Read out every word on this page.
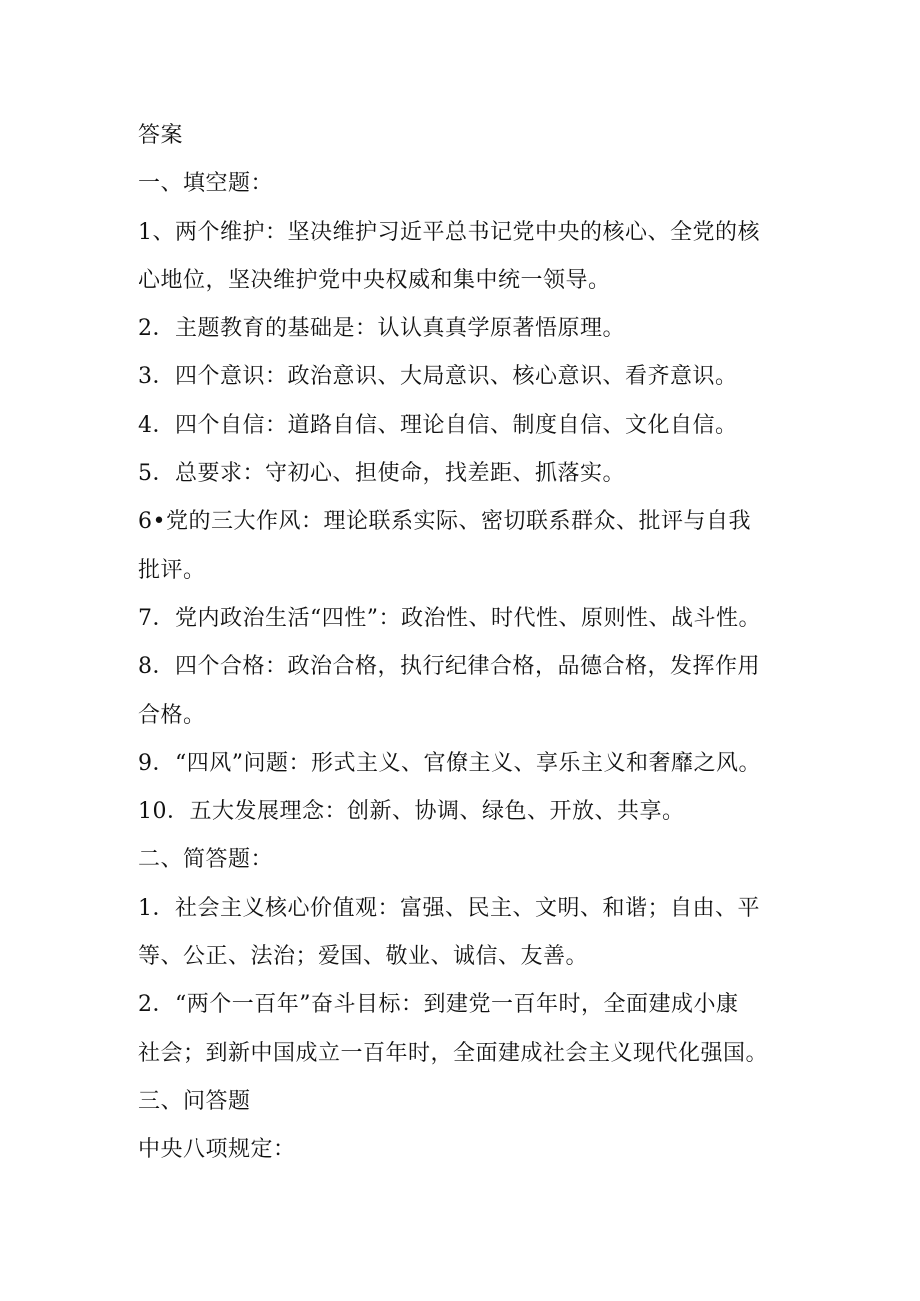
答案
一、填空题：
1、两个维护：坚决维护习近平总书记党中央的核心、全党的核
心地位，坚决维护党中央权威和集中统一领导。
2．主题教育的基础是：认认真真学原著悟原理。
3．四个意识：政治意识、大局意识、核心意识、看齐意识。
4．四个自信：道路自信、理论自信、制度自信、文化自信。
5．总要求：守初心、担使命，找差距、抓落实。
6•党的三大作风：理论联系实际、密切联系群众、批评与自我
批评。
7．党内政治生活“四性”：政治性、时代性、原则性、战斗性。
8．四个合格：政治合格，执行纪律合格，品德合格，发挥作用
合格。
9．“四风”问题：形式主义、官僚主义、享乐主义和奢靡之风。
10．五大发展理念：创新、协调、绿色、开放、共享。
二、简答题：
1．社会主义核心价值观：富强、民主、文明、和谐；自由、平
等、公正、法治；爱国、敬业、诚信、友善。
2．“两个一百年”奋斗目标：到建党一百年时，全面建成小康
社会；到新中国成立一百年时，全面建成社会主义现代化强国。
三、问答题
中央八项规定：
